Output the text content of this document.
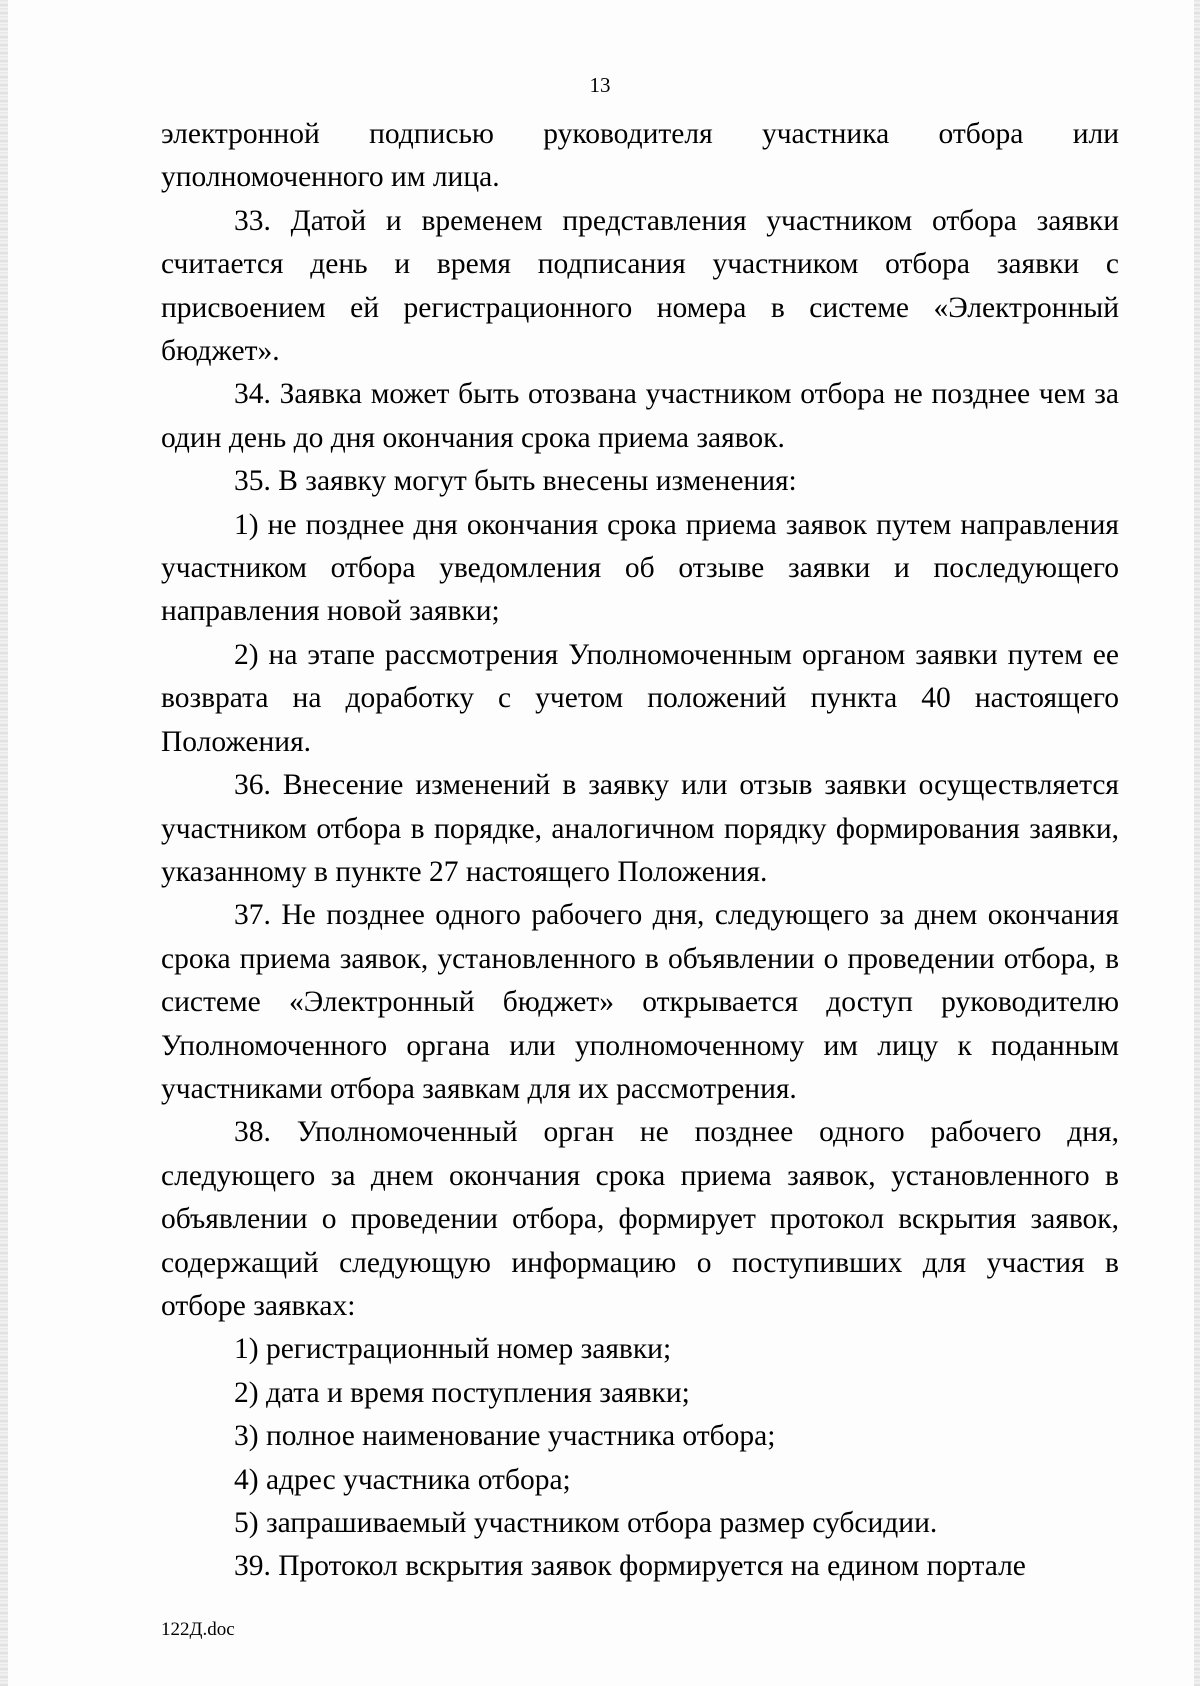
13

электронной подписью руководителя участника отбора или уполномоченного им лица.

33. Датой и временем представления участником отбора заявки считается день и время подписания участником отбора заявки с присвоением ей регистрационного номера в системе «Электронный бюджет».

34. Заявка может быть отозвана участником отбора не позднее чем за один день до дня окончания срока приема заявок.

35. В заявку могут быть внесены изменения:

1) не позднее дня окончания срока приема заявок путем направления участником отбора уведомления об отзыве заявки и последующего направления новой заявки;

2) на этапе рассмотрения Уполномоченным органом заявки путем ее возврата на доработку с учетом положений пункта 40 настоящего Положения.

36. Внесение изменений в заявку или отзыв заявки осуществляется участником отбора в порядке, аналогичном порядку формирования заявки, указанному в пункте 27 настоящего Положения.

37. Не позднее одного рабочего дня, следующего за днем окончания срока приема заявок, установленного в объявлении о проведении отбора, в системе «Электронный бюджет» открывается доступ руководителю Уполномоченного органа или уполномоченному им лицу к поданным участниками отбора заявкам для их рассмотрения.

38. Уполномоченный орган не позднее одного рабочего дня, следующего за днем окончания срока приема заявок, установленного в объявлении о проведении отбора, формирует протокол вскрытия заявок, содержащий следующую информацию о поступивших для участия в отборе заявках:

1) регистрационный номер заявки;

2) дата и время поступления заявки;

3) полное наименование участника отбора;

4) адрес участника отбора;

5) запрашиваемый участником отбора размер субсидии.

39. Протокол вскрытия заявок формируется на едином портале

122Д.doc
